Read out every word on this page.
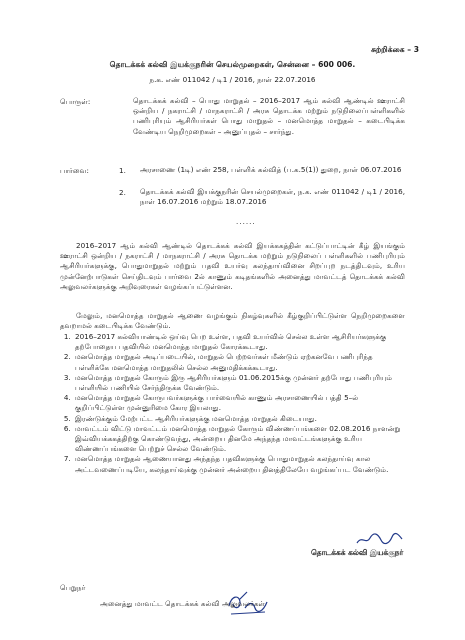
சுற்றிக்கை – 3
தொடக்கக் கல்வி இயக்குநரின் செயல்முறைகள், சென்னை – 600 006.
ந.க. எண் 011042 / டி1 / 2016, நாள் 22.07.2016
பொருள்:	தொடக்கக் கல்வி – பொது மாறுதல் – 2016–2017 ஆம் கல்வி ஆண்டில் ஊராட்சி ஒன்றிய / நகராட்சி / மாநகராட்சி / அரசு தொடக்க மற்றும் நடுநிலைப்பள்ளிகளில் பணிபுரியும் ஆசிரியர்கள் பொது மாறுதல் – மனமொத்த மாறுதல் – கடைபிடிக்க வேண்டிய நெறிமுறைகள் – அனுப்புதல் – சார்ந்து.
பார்வை:	1. அரசாணை (1டி) எண் 258, பள்ளிக் கல்வித் (ப.க.5(1)) துறை, நாள் 06.07.2016
2. தொடக்கக் கல்வி இயக்குநரின் செயல்முறைகள், ந.க. எண் 011042 / டி1 / 2016, நாள் 16.07.2016 மற்றும் 18.07.2016
......
2016–2017 ஆம் கல்வி ஆண்டில் தொடக்கக் கல்வி இயக்ககத்தின் கட்டுப்பாட்டின் கீழ் இயங்கும் ஊராட்சி ஒன்றிய / நகராட்சி / மாநகராட்சி / அரசு தொடக்க மற்றும் நடுநிலைப் பள்ளிகளில் பணிபுரியும் ஆசிரியர்களுக்கு, பொதுமாறுதல் மற்றும் பதவி உயர்வு கலந்தாய்வினை சிறப்புற நடத்திடவும், உரிய முன்னேற்பாடுகள் செய்திடவும் பார்வை 2ல் காணும் கடிதங்களில் அனைத்து மாவட்டத் தொடக்கக் கல்வி அலுவலர்களுக்கு அறிவுரைகள் வழங்கப்பட்டுள்ளன.
மேலும், மனமொத்த மாறுதல் ஆணை வழங்கும் நிகழ்வுகளில் கீழ்குறிப்பிட்டுள்ள நெறிமுறைகளை தவறாமல் கடைபிடிக்க வேண்டும்.
1. 2016–2017 கல்வியாண்டில் ஒய்வு பெற உள்ள, பதவி உயர்வில் செல்ல உள்ள ஆசிரியர்களுக்கு தற்போதைய பதவியில் மனமொத்த மாறுதல் கோரக்கூடாது.
2. மனமொத்த மாறுதல் அடிப்படையில், மாறுதல் பெற்றவர்கள் மீண்டும் ஏற்கனவே பணிபுரிந்த பள்ளிக்கே மனமொத்த மாறுதலில் செல்ல அனுமதிக்கக்கூடாது.
3. மனமொத்த மாறுதல் கோரும் இரு ஆசிரியர்களும் 01.06.2015க்கு முன்னர் தற்போது பணிபுரியும் பள்ளியில் பணியில் சேர்ந்திருக்க வேண்டும்.
4. மனமொத்த மாறுதல் கோருபவர்களுக்கு பார்வையில் காணும் அரசாணையில் பத்தி 5–ல் குறிப்பிட்டுள்ள முன்னுரிமை கோர இயலாது.
5. இரண்டுக்கும் மேற்பட்ட ஆசிரியர்களுக்கு மனமொத்த மாறுதல் கிடையாது.
6. மாவட்டம் விட்டு மாவட்டம் மனமொத்த மாறுதல் கோரும் விண்ணப்பங்களை 02.08.2016 நாளன்று இவ்வியக்ககத்திற்கு கொண்டுவந்து, அன்றைய தினமே அந்தந்த மாவட்டங்களுக்கு உரிய விண்ணப்பங்களை பெற்றுச் செல்ல வேண்டும்.
7. மனமொத்த மாறுதல் ஆணையானது அந்தந்த பதவிகளுக்கு பொதுமாறுதல் கலந்தாய்வு கால அட்டவணைப்படியே, கலந்தாய்வுக்கு முன்னர் அன்றைய தினத்திலேயே வழங்கப்பட வேண்டும்.
தொடக்கக் கல்வி இயக்குநர்
பெறுநர்
அனைத்து மாவட்ட தொடக்கக் கல்வி அலுவலர்கள்
